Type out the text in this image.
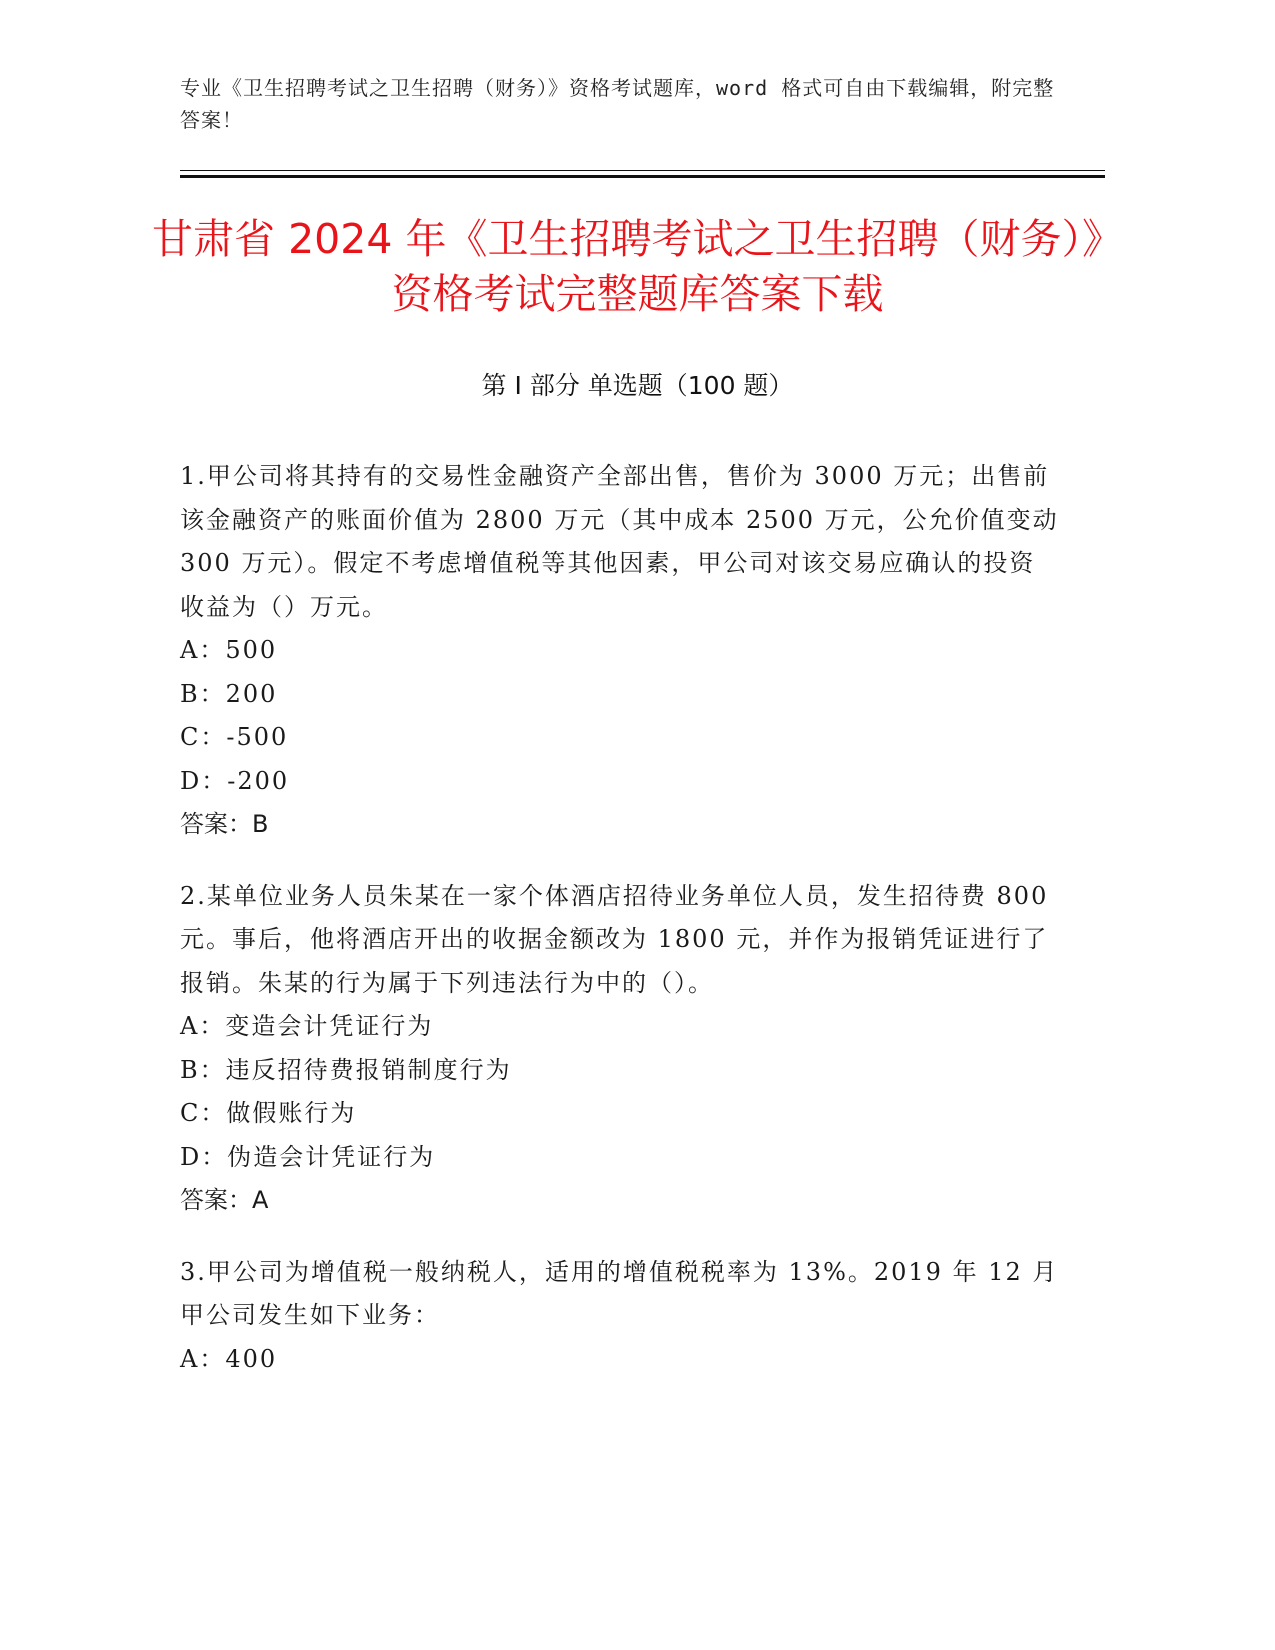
专业《卫生招聘考试之卫生招聘（财务）》资格考试题库，word 格式可自由下载编辑，附完整答案！
甘肃省 2024 年《卫生招聘考试之卫生招聘（财务）》资格考试完整题库答案下载
第 I 部分 单选题（100 题）

1.甲公司将其持有的交易性金融资产全部出售，售价为 3000 万元；出售前该金融资产的账面价值为 2800 万元（其中成本 2500 万元，公允价值变动 300 万元）。假定不考虑增值税等其他因素，甲公司对该交易应确认的投资收益为（）万元。

A：500

B：200

C：-500

D：-200

答案：B

2.某单位业务人员朱某在一家个体酒店招待业务单位人员，发生招待费 800 元。事后，他将酒店开出的收据金额改为 1800 元，并作为报销凭证进行了报销。朱某的行为属于下列违法行为中的（）。

A：变造会计凭证行为

B：违反招待费报销制度行为

C：做假账行为

D：伪造会计凭证行为

答案：A

3.甲公司为增值税一般纳税人，适用的增值税税率为 13%。2019 年 12 月甲公司发生如下业务：

A：400
